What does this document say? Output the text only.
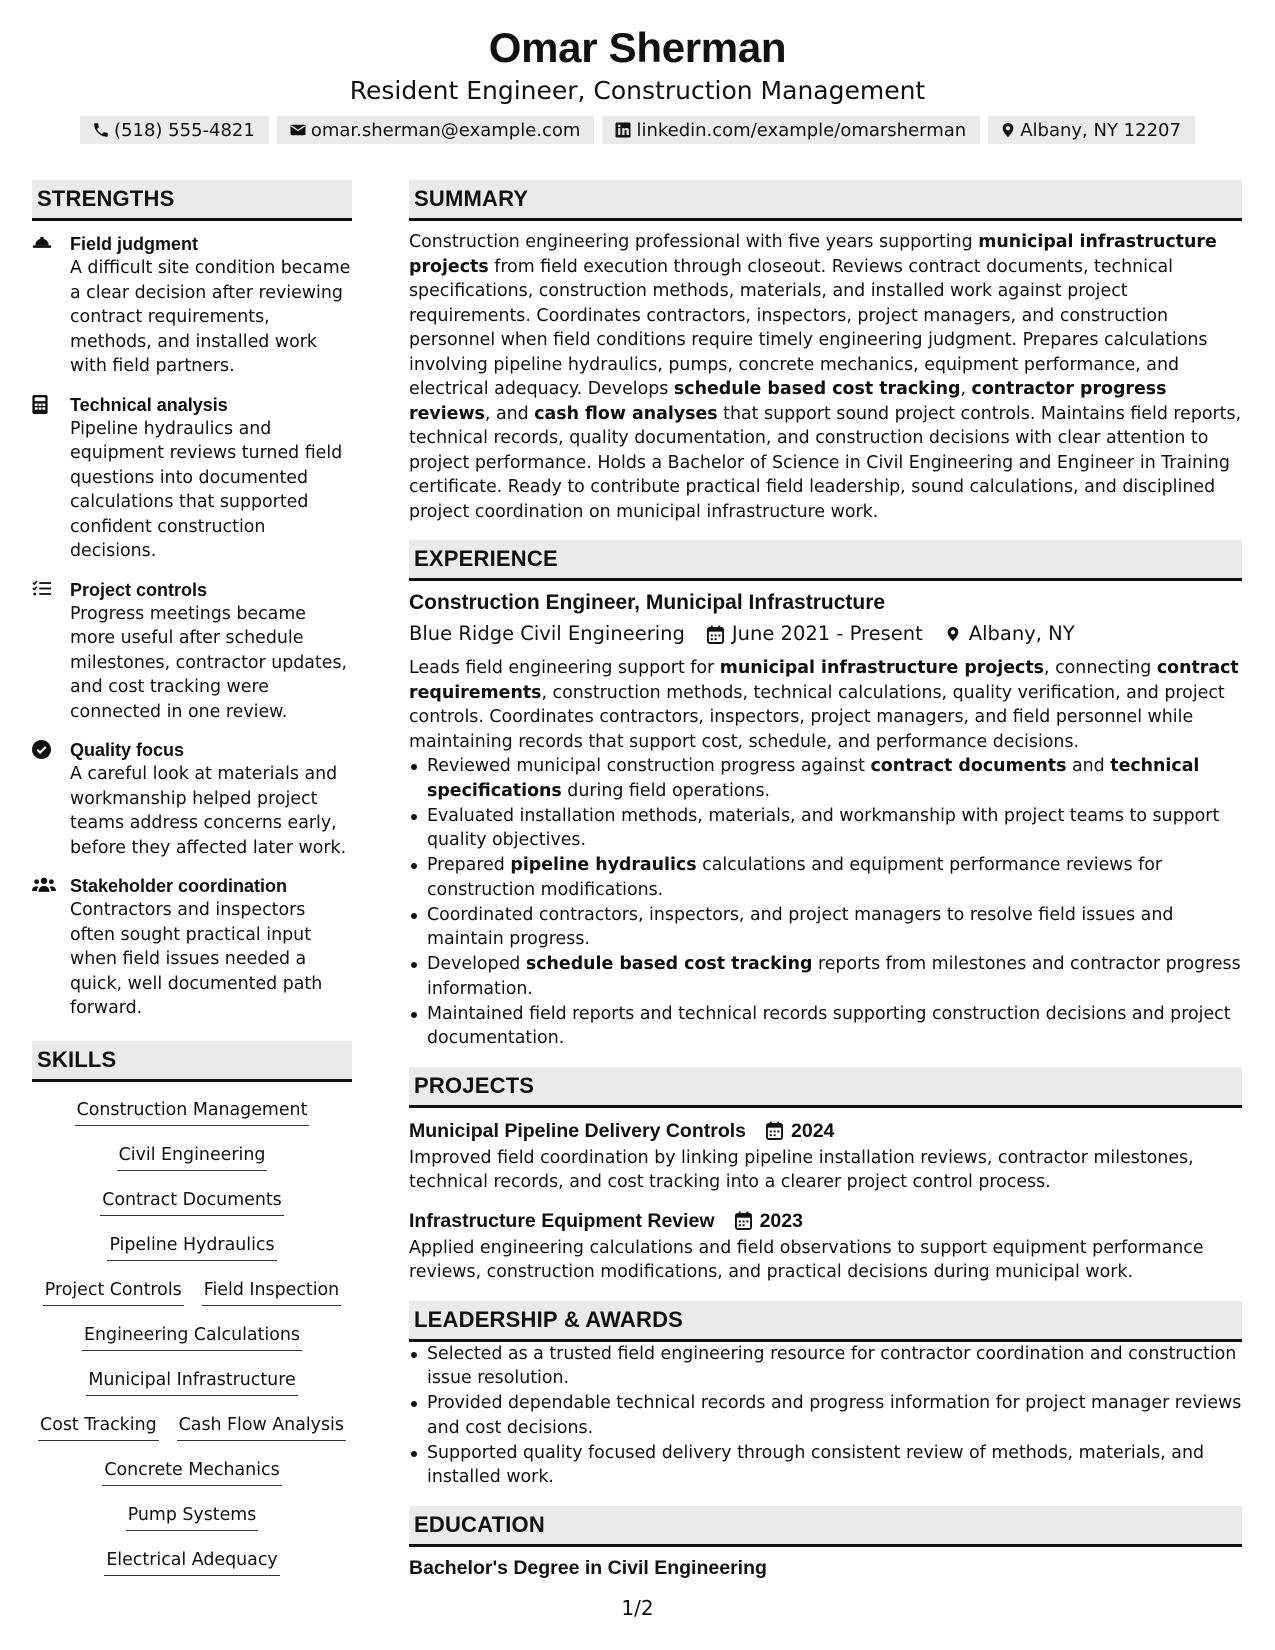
Omar Sherman
Resident Engineer, Construction Management
(518) 555-4821	omar.sherman@example.com	linkedin.com/example/omarsherman	Albany, NY 12207
STRENGTHS
Field judgment
A difficult site condition became a clear decision after reviewing contract requirements, methods, and installed work with field partners.
Technical analysis
Pipeline hydraulics and equipment reviews turned field questions into documented calculations that supported confident construction decisions.
Project controls
Progress meetings became more useful after schedule milestones, contractor updates, and cost tracking were connected in one review.
Quality focus
A careful look at materials and workmanship helped project teams address concerns early, before they affected later work.
Stakeholder coordination
Contractors and inspectors often sought practical input when field issues needed a quick, well documented path forward.
SKILLS
Construction Management
Civil Engineering
Contract Documents
Pipeline Hydraulics
Project Controls Field Inspection
Engineering Calculations
Municipal Infrastructure
Cost Tracking Cash Flow Analysis
Concrete Mechanics
Pump Systems
Electrical Adequacy
SUMMARY
Construction engineering professional with five years supporting municipal infrastructure projects from field execution through closeout. Reviews contract documents, technical specifications, construction methods, materials, and installed work against project requirements. Coordinates contractors, inspectors, project managers, and construction personnel when field conditions require timely engineering judgment. Prepares calculations involving pipeline hydraulics, pumps, concrete mechanics, equipment performance, and electrical adequacy. Develops schedule based cost tracking, contractor progress reviews, and cash flow analyses that support sound project controls. Maintains field reports, technical records, quality documentation, and construction decisions with clear attention to project performance. Holds a Bachelor of Science in Civil Engineering and Engineer in Training certificate. Ready to contribute practical field leadership, sound calculations, and disciplined project coordination on municipal infrastructure work.
EXPERIENCE
Construction Engineer, Municipal Infrastructure
Blue Ridge Civil Engineering June 2021 - Present Albany, NY
Leads field engineering support for municipal infrastructure projects, connecting contract requirements, construction methods, technical calculations, quality verification, and project controls. Coordinates contractors, inspectors, project managers, and field personnel while maintaining records that support cost, schedule, and performance decisions.
Reviewed municipal construction progress against contract documents and technical specifications during field operations.
Evaluated installation methods, materials, and workmanship with project teams to support quality objectives.
Prepared pipeline hydraulics calculations and equipment performance reviews for construction modifications.
Coordinated contractors, inspectors, and project managers to resolve field issues and maintain progress.
Developed schedule based cost tracking reports from milestones and contractor progress information.
Maintained field reports and technical records supporting construction decisions and project documentation.
PROJECTS
Municipal Pipeline Delivery Controls 2024
Improved field coordination by linking pipeline installation reviews, contractor milestones, technical records, and cost tracking into a clearer project control process.
Infrastructure Equipment Review 2023
Applied engineering calculations and field observations to support equipment performance reviews, construction modifications, and practical decisions during municipal work.
LEADERSHIP & AWARDS
Selected as a trusted field engineering resource for contractor coordination and construction issue resolution.
Provided dependable technical records and progress information for project manager reviews and cost decisions.
Supported quality focused delivery through consistent review of methods, materials, and installed work.
EDUCATION
Bachelor's Degree in Civil Engineering
1/2
